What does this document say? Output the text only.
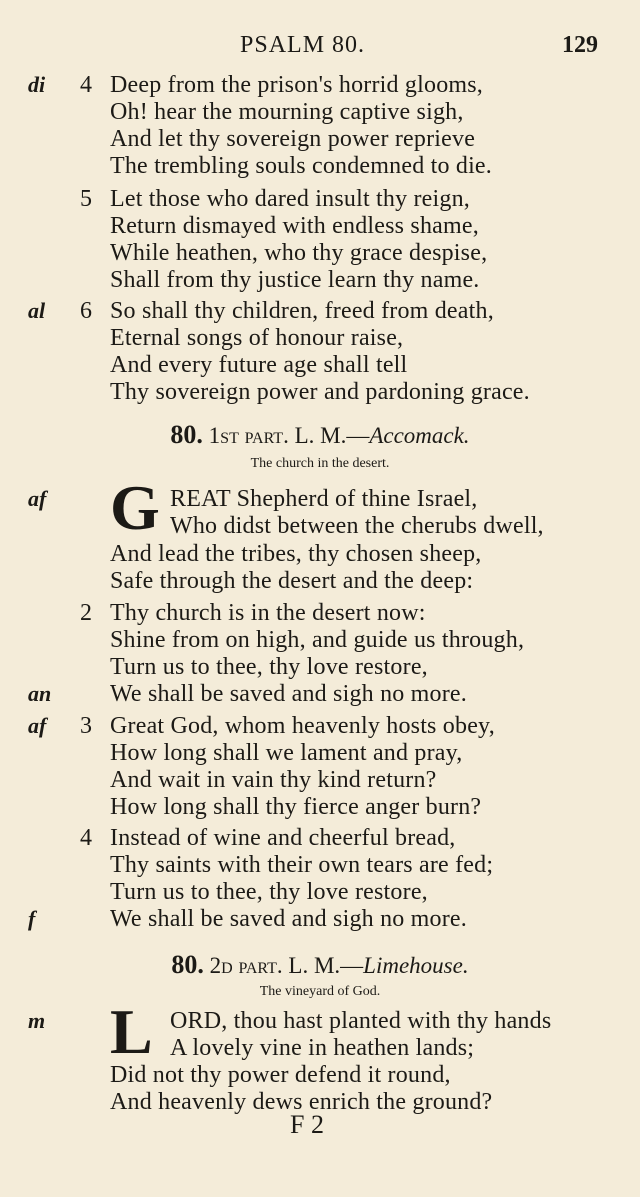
PSALM 80.	129
di 4 Deep from the prison's horrid glooms,
Oh! hear the mourning captive sigh,
And let thy sovereign power reprieve
The trembling souls condemned to die.
5 Let those who dared insult thy reign,
Return dismayed with endless shame,
While heathen, who thy grace despise,
Shall from thy justice learn thy name.
al 6 So shall thy children, freed from death,
Eternal songs of honour raise,
And every future age shall tell
Thy sovereign power and pardoning grace.
80. 1st part. L. M.—Accomack.
The church in the desert.
af	REAT Shepherd of thine Israel,
G Who didst between the cherubs dwell,
And lead the tribes, thy chosen sheep,
Safe through the desert and the deep:
2 Thy church is in the desert now:
Shine from on high, and guide us through,
Turn us to thee, thy love restore,
an We shall be saved and sigh no more.
af 3 Great God, whom heavenly hosts obey,
How long shall we lament and pray,
And wait in vain thy kind return?
How long shall thy fierce anger burn?
4 Instead of wine and cheerful bread,
Thy saints with their own tears are fed;
Turn us to thee, thy love restore,
f	We shall be saved and sigh no more.
80. 2d part. L. M.—Limehouse.
The vineyard of God.
m	ORD, thou hast planted with thy hands
L A lovely vine in heathen lands;
Did not thy power defend it round,
And heavenly dews enrich the ground?
F 2
